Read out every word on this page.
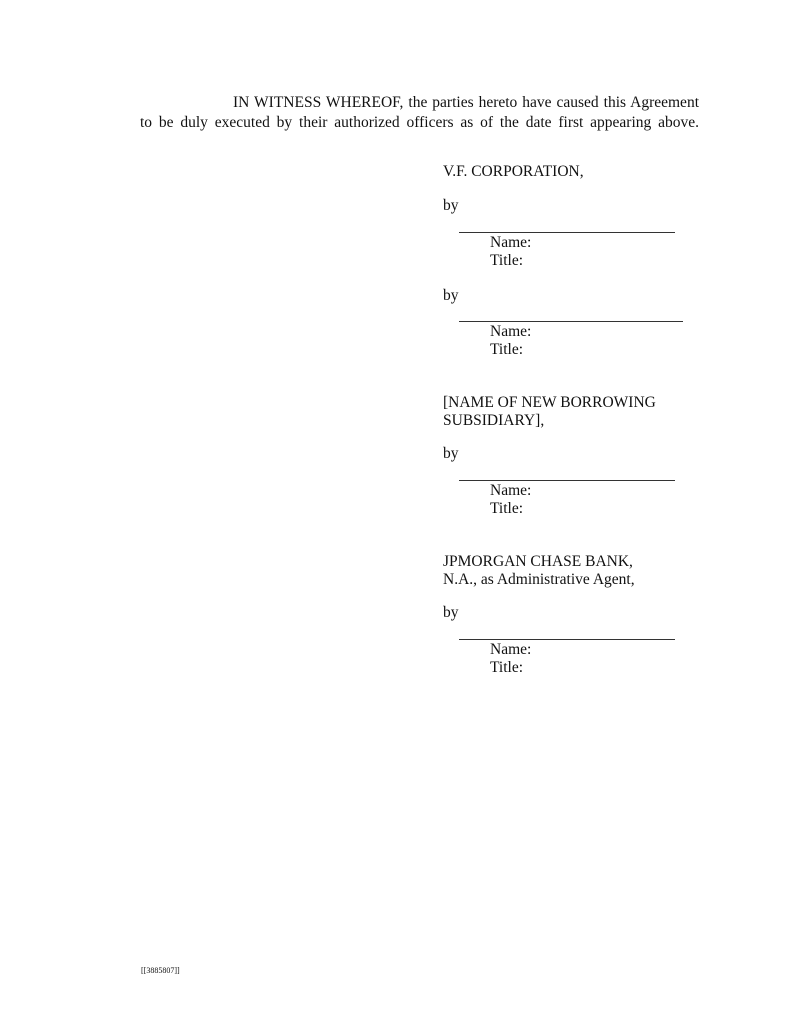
IN WITNESS WHEREOF, the parties hereto have caused this Agreement
to be duly executed by their authorized officers as of the date first appearing above.
V.F. CORPORATION,
by
Name:
Title:
by
Name:
Title:
[NAME OF NEW BORROWING SUBSIDIARY],
by
Name:
Title:
JPMORGAN CHASE BANK, N.A., as Administrative Agent,
by
Name:
Title:
[[3885807]]
